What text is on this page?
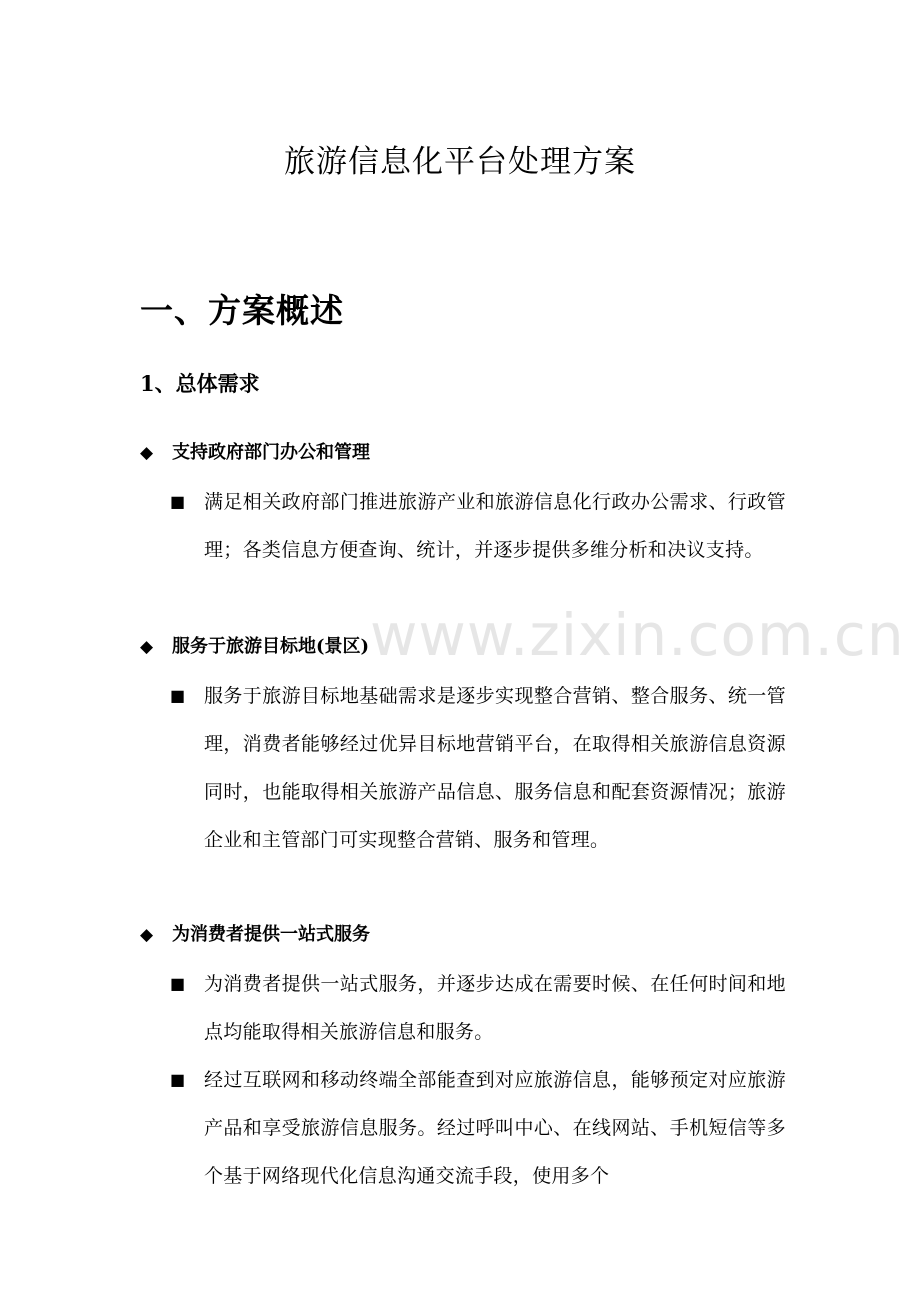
www.zixin.com.cn
旅游信息化平台处理方案
一、方案概述
1、总体需求
◆ 支持政府部门办公和管理
■ 满足相关政府部门推进旅游产业和旅游信息化行政办公需求、行政管理；各类信息方便查询、统计，并逐步提供多维分析和决议支持。
◆ 服务于旅游目标地(景区)
■ 服务于旅游目标地基础需求是逐步实现整合营销、整合服务、统一管理，消费者能够经过优异目标地营销平台，在取得相关旅游信息资源同时，也能取得相关旅游产品信息、服务信息和配套资源情况；旅游企业和主管部门可实现整合营销、服务和管理。
◆ 为消费者提供一站式服务
■ 为消费者提供一站式服务，并逐步达成在需要时候、在任何时间和地点均能取得相关旅游信息和服务。
■ 经过互联网和移动终端全部能查到对应旅游信息，能够预定对应旅游产品和享受旅游信息服务。经过呼叫中心、在线网站、手机短信等多个基于网络现代化信息沟通交流手段，使用多个
